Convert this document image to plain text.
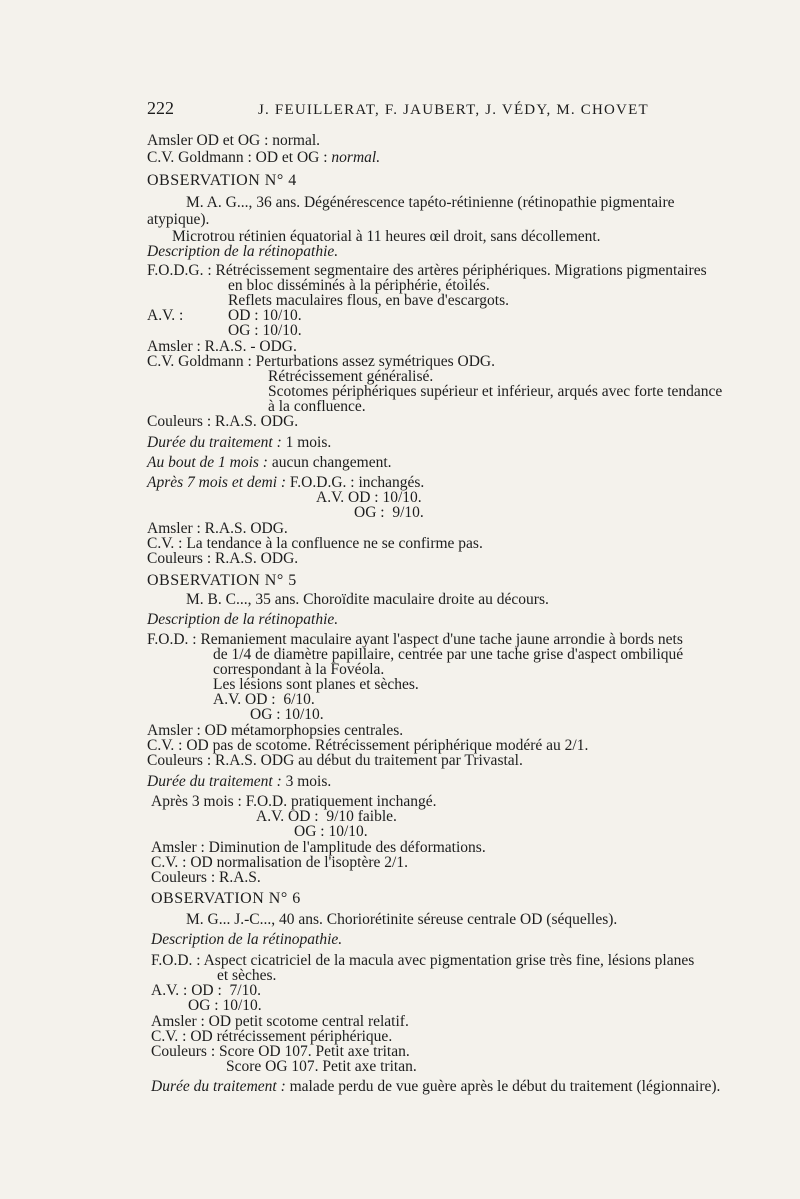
222	J. FEUILLERAT, F. JAUBERT, J. VÉDY, M. CHOVET
Amsler OD et OG : normal.
C.V. Goldmann : OD et OG : normal.
OBSERVATION N° 4
M. A. G..., 36 ans. Dégénérescence tapéto-rétinienne (rétinopathie pigmentaire
atypique).
Microtrou rétinien équatorial à 11 heures œil droit, sans décollement.
Description de la rétinopathie.
F.O.D.G. : Rétrécissement segmentaire des artères périphériques. Migrations pigmentaires
en bloc disséminés à la périphérie, étoilés.
Reflets maculaires flous, en bave d'escargots.
A.V. :	OD : 10/10.
OG : 10/10.
Amsler : R.A.S. - ODG.
C.V. Goldmann : Perturbations assez symétriques ODG.
Rétrécissement généralisé.
Scotomes périphériques supérieur et inférieur, arqués avec forte tendance
à la confluence.
Couleurs : R.A.S. ODG.
Durée du traitement : 1 mois.
Au bout de 1 mois : aucun changement.
Après 7 mois et demi : F.O.D.G. : inchangés.
A.V. OD : 10/10.
OG :  9/10.
Amsler : R.A.S. ODG.
C.V. : La tendance à la confluence ne se confirme pas.
Couleurs : R.A.S. ODG.
OBSERVATION N° 5
M. B. C..., 35 ans. Choroïdite maculaire droite au décours.
Description de la rétinopathie.
F.O.D. : Remaniement maculaire ayant l'aspect d'une tache jaune arrondie à bords nets
de 1/4 de diamètre papillaire, centrée par une tache grise d'aspect ombiliqué
correspondant à la Fovéola.
Les lésions sont planes et sèches.
A.V. OD :  6/10.
OG : 10/10.
Amsler : OD métamorphopsies centrales.
C.V. : OD pas de scotome. Rétrécissement périphérique modéré au 2/1.
Couleurs : R.A.S. ODG au début du traitement par Trivastal.
Durée du traitement : 3 mois.
Après 3 mois : F.O.D. pratiquement inchangé.
A.V. OD :  9/10 faible.
OG : 10/10.
Amsler : Diminution de l'amplitude des déformations.
C.V. : OD normalisation de l'isoptère 2/1.
Couleurs : R.A.S.
OBSERVATION N° 6
M. G... J.-C..., 40 ans. Choriorétinite séreuse centrale OD (séquelles).
Description de la rétinopathie.
F.O.D. : Aspect cicatriciel de la macula avec pigmentation grise très fine, lésions planes
et sèches.
A.V. : OD :  7/10.
OG : 10/10.
Amsler : OD petit scotome central relatif.
C.V. : OD rétrécissement périphérique.
Couleurs : Score OD 107. Petit axe tritan.
Score OG 107. Petit axe tritan.
Durée du traitement : malade perdu de vue guère après le début du traitement (légionnaire).
